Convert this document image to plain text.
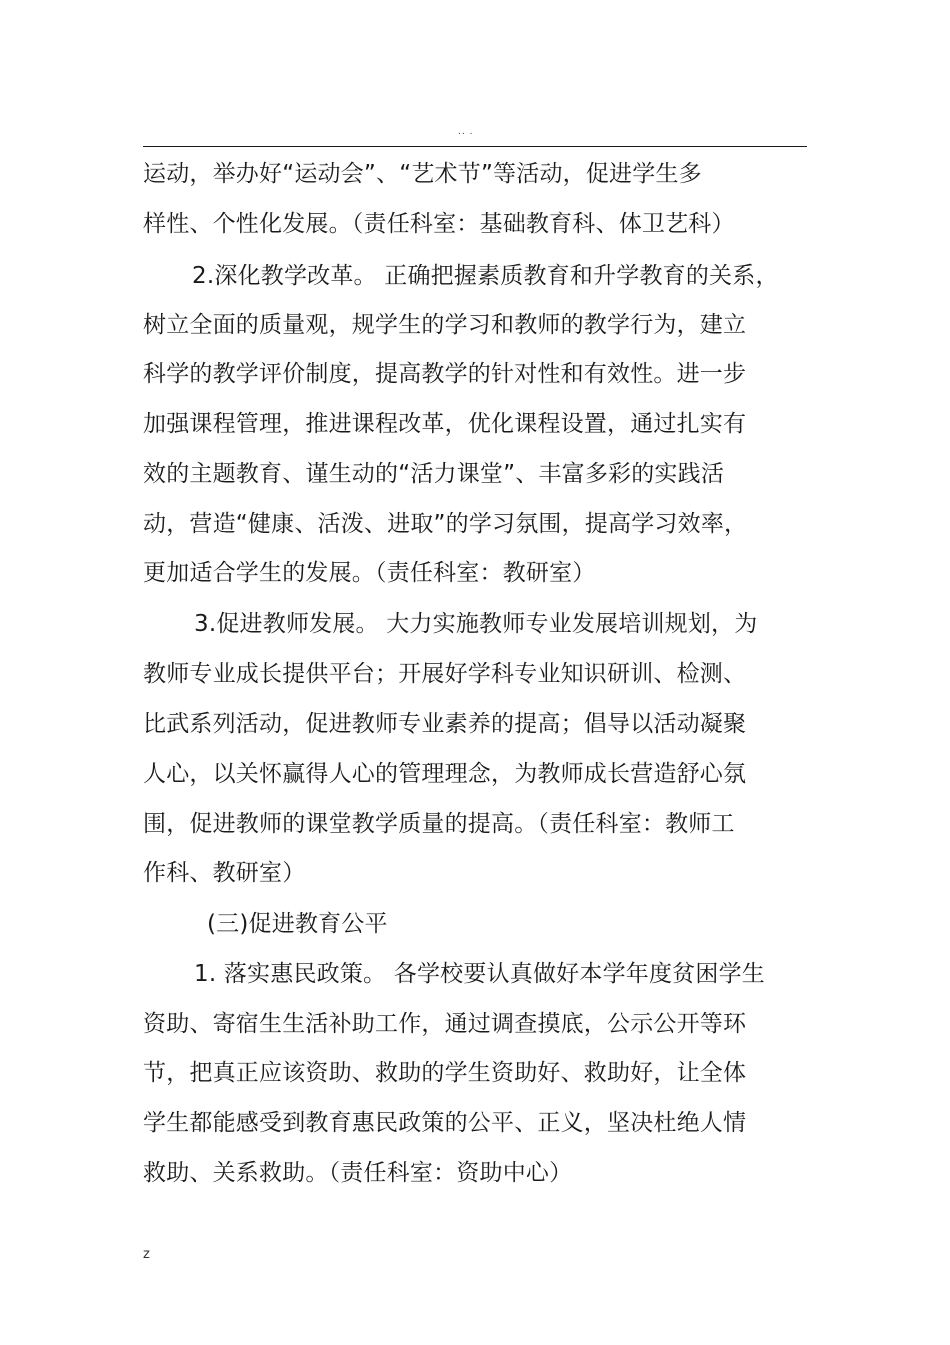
.. .
运动，举办好“运动会”、“艺术节”等活动，促进学生多
样性、个性化发展。（责任科室：基础教育科、体卫艺科）
2.深化教学改革。 正确把握素质教育和升学教育的关系，
树立全面的质量观，规学生的学习和教师的教学行为，建立
科学的教学评价制度，提高教学的针对性和有效性。进一步
加强课程管理，推进课程改革，优化课程设置，通过扎实有
效的主题教育、谨生动的“活力课堂”、丰富多彩的实践活
动，营造“健康、活泼、进取”的学习氛围，提高学习效率，
更加适合学生的发展。（责任科室：教研室）
3.促进教师发展。 大力实施教师专业发展培训规划，为
教师专业成长提供平台；开展好学科专业知识研训、检测、
比武系列活动，促进教师专业素养的提高；倡导以活动凝聚
人心，以关怀赢得人心的管理理念，为教师成长营造舒心氛
围，促进教师的课堂教学质量的提高。（责任科室：教师工
作科、教研室）
(三)促进教育公平
1. 落实惠民政策。 各学校要认真做好本学年度贫困学生
资助、寄宿生生活补助工作，通过调查摸底，公示公开等环
节，把真正应该资助、救助的学生资助好、救助好，让全体
学生都能感受到教育惠民政策的公平、正义，坚决杜绝人情
救助、关系救助。（责任科室：资助中心）
z
